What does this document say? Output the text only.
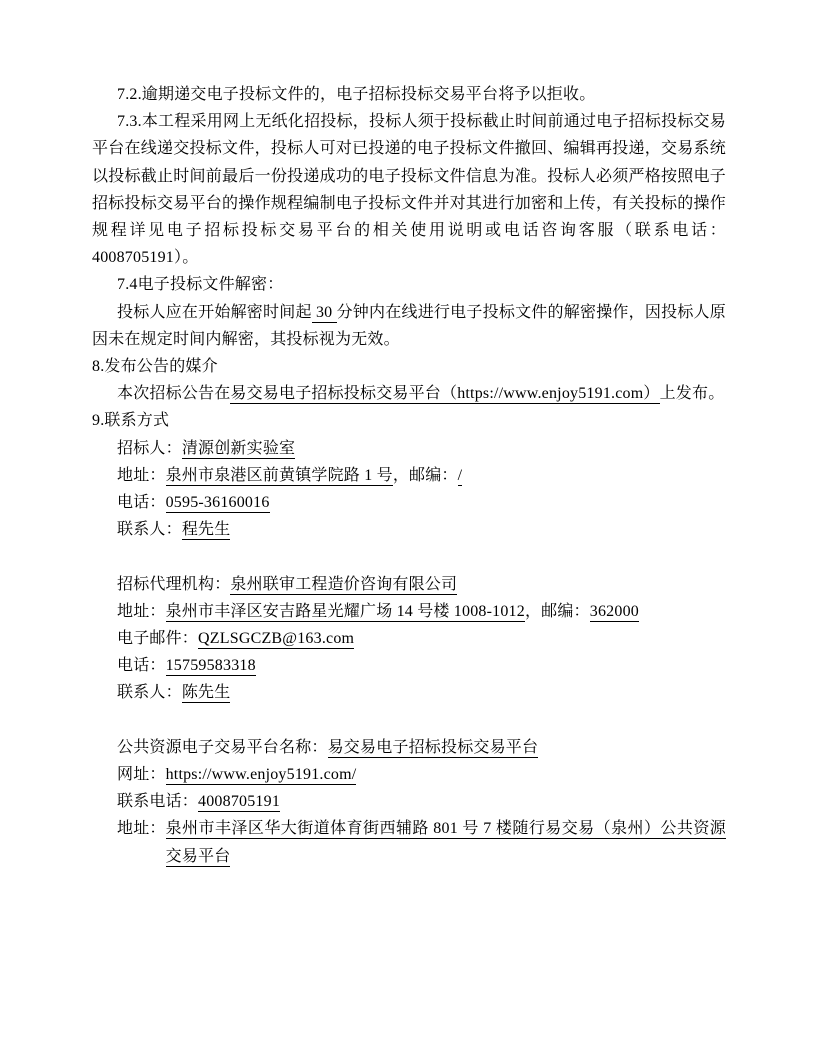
7.2.逾期递交电子投标文件的，电子招标投标交易平台将予以拒收。

7.3.本工程采用网上无纸化招投标，投标人须于投标截止时间前通过电子招标投标交易平台在线递交投标文件，投标人可对已投递的电子投标文件撤回、编辑再投递，交易系统以投标截止时间前最后一份投递成功的电子投标文件信息为准。投标人必须严格按照电子招标投标交易平台的操作规程编制电子投标文件并对其进行加密和上传，有关投标的操作规程详见电子招标投标交易平台的相关使用说明或电话咨询客服（联系电话：4008705191）。

7.4电子投标文件解密：

投标人应在开始解密时间起 30 分钟内在线进行电子投标文件的解密操作，因投标人原因未在规定时间内解密，其投标视为无效。

8.发布公告的媒介

本次招标公告在易交易电子招标投标交易平台（https://www.enjoy5191.com）上发布。

9.联系方式

招标人：清源创新实验室
地址：泉州市泉港区前黄镇学院路 1 号，邮编：/
电话：0595-36160016
联系人：程先生
招标代理机构：泉州联审工程造价咨询有限公司
地址：泉州市丰泽区安吉路星光耀广场 14 号楼 1008-1012，邮编：362000
电子邮件：QZLSGCZB@163.com
电话：15759583318
联系人：陈先生
公共资源电子交易平台名称：易交易电子招标投标交易平台
网址：https://www.enjoy5191.com/
联系电话：4008705191
地址： 泉州市丰泽区华大街道体育街西辅路 801 号 7 楼随行易交易（泉州）公共资源交易平台
